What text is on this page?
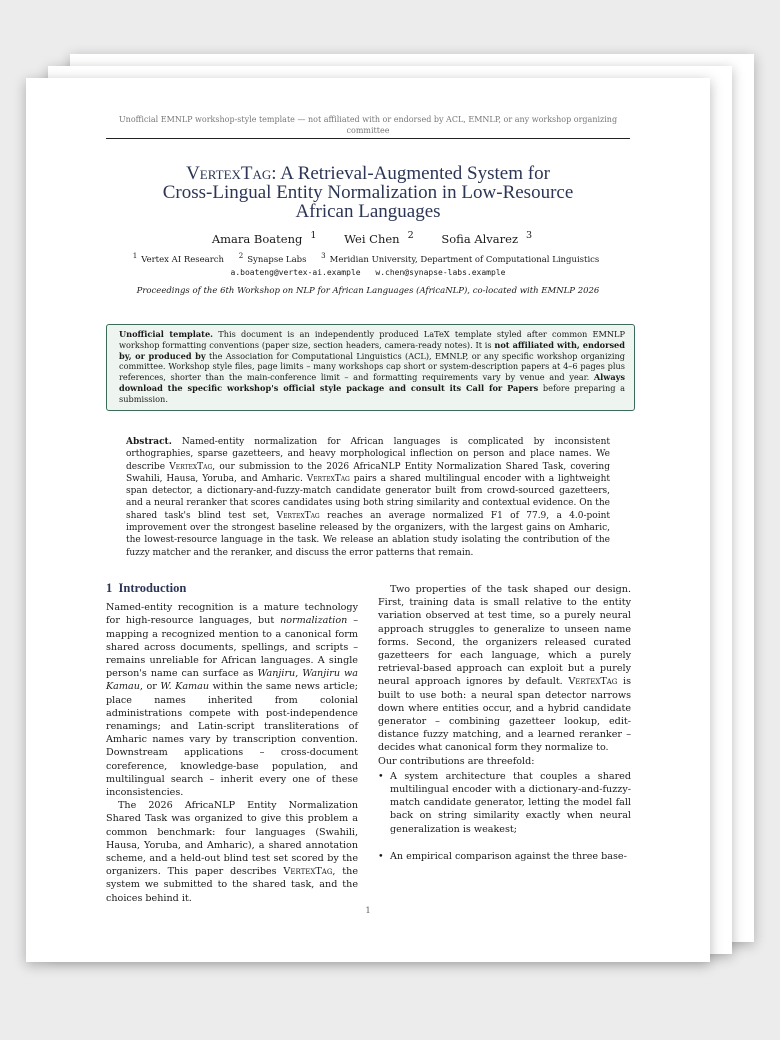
Unofficial EMNLP workshop-style template — not affiliated with or endorsed by ACL, EMNLP, or any workshop organizing committee
VertexTag: A Retrieval-Augmented System for
Cross-Lingual Entity Normalization in Low-Resource
African Languages
Amara Boateng $^1$ Wei Chen $^2$ Sofia Alvarez $^3$
$^1$ Vertex AI Research $^2$ Synapse Labs $^3$ Meridian University, Department of Computational Linguistics
a.boateng@vertex-ai.example w.chen@synapse-labs.example
Proceedings of the 6th Workshop on NLP for African Languages (AfricaNLP), co-located with EMNLP 2026
Unofficial template. This document is an independently produced LaTeX template styled after common EMNLP workshop formatting conventions (paper size, section headers, camera-ready notes). It is not affiliated with, endorsed by, or produced by the Association for Computational Linguistics (ACL), EMNLP, or any specific workshop organizing committee. Workshop style files, page limits – many workshops cap short or system-description papers at 4–6 pages plus references, shorter than the main-conference limit – and formatting requirements vary by venue and year. Always download the specific workshop's official style package and consult its Call for Papers before preparing a submission.
Abstract. Named-entity normalization for African languages is complicated by inconsistent orthographies, sparse gazetteers, and heavy morphological inflection on person and place names. We describe VertexTag, our submission to the 2026 AfricaNLP Entity Normalization Shared Task, covering Swahili, Hausa, Yoruba, and Amharic. VertexTag pairs a shared multilingual encoder with a lightweight span detector, a dictionary-and-fuzzy-match candidate generator built from crowd-sourced gazetteers, and a neural reranker that scores candidates using both string similarity and contextual evidence. On the shared task's blind test set, VertexTag reaches an average normalized F1 of 77.9, a 4.0-point improvement over the strongest baseline released by the organizers, with the largest gains on Amharic, the lowest-resource language in the task. We release an ablation study isolating the contribution of the fuzzy matcher and the reranker, and discuss the error patterns that remain.
1 Introduction

Named-entity recognition is a mature technology for high-resource languages, but normalization – mapping a recognized mention to a canonical form shared across documents, spellings, and scripts – remains unreliable for African languages. A single person's name can surface as Wanjiru, Wanjiru wa Kamau, or W. Kamau within the same news article; place names inherited from colonial administrations compete with post-independence renamings; and Latin-script transliterations of Amharic names vary by transcription convention. Downstream applications – cross-document coreference, knowledge-base population, and multilingual search – inherit every one of these inconsistencies.

The 2026 AfricaNLP Entity Normalization Shared Task was organized to give this problem a common benchmark: four languages (Swahili, Hausa, Yoruba, and Amharic), a shared annotation scheme, and a held-out blind test set scored by the organizers. This paper describes VertexTag, the system we submitted to the shared task, and the choices behind it.

Two properties of the task shaped our design. First, training data is small relative to the entity variation observed at test time, so a purely neural approach struggles to generalize to unseen name forms. Second, the organizers released curated gazetteers for each language, which a purely retrieval-based approach can exploit but a purely neural approach ignores by default. VertexTag is built to use both: a neural span detector narrows down where entities occur, and a hybrid candidate generator – combining gazetteer lookup, edit-distance fuzzy matching, and a learned reranker – decides what canonical form they normalize to.

Our contributions are threefold:

• A system architecture that couples a shared multilingual encoder with a dictionary-and-fuzzy-match candidate generator, letting the model fall back on string similarity exactly when neural generalization is weakest;
• An empirical comparison against the three base-
1
